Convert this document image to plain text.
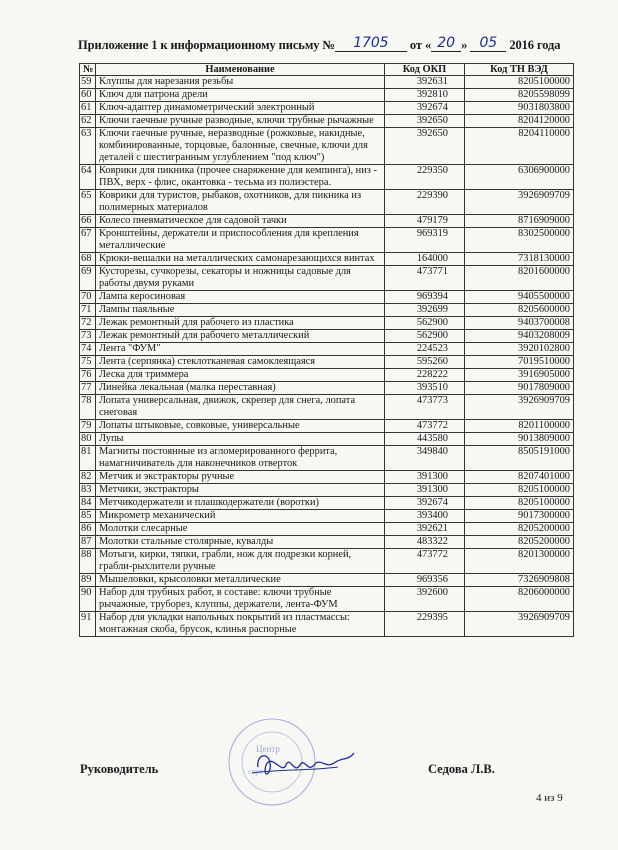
Приложение 1 к информационному письму № 1705 от « 20 » 05 2016 года
№	Наименование	Код ОКП	Код ТН ВЭД
59	Клуппы для нарезания резьбы	392631	8205100000
60	Ключ для патрона дрели	392810	8205598099
61	Ключ-адаптер динамометрический электронный	392674	9031803800
62	Ключи гаечные ручные разводные, ключи трубные рычажные	392650	8204120000
63	Ключи гаечные ручные, неразводные (рожковые, накидные, комбинированные, торцовые, балонные, свечные, ключи для деталей с шестигранным углублением "под ключ")	392650	8204110000
64	Коврики для пикника (прочее снаряжение для кемпинга), низ - ПВХ, верх - флис, окантовка - тесьма из полиэстера.	229350	6306900000
65	Коврики для туристов, рыбаков, охотников, для пикника из полимерных материалов	229390	3926909709
66	Колесо пневматическое для садовой тачки	479179	8716909000
67	Кронштейны, держатели и приспособления для крепления металлические	969319	8302500000
68	Крюки-вешалки на металлических самонарезающихся винтах	164000	7318130000
69	Кусторезы, сучкорезы, секаторы и ножницы садовые для работы двумя руками	473771	8201600000
70	Лампа керосиновая	969394	9405500000
71	Лампы паяльные	392699	8205600000
72	Лежак ремонтный для рабочего из пластика	562900	9403700008
73	Лежак ремонтный для рабочего металлический	562900	9403208009
74	Лента "ФУМ"	224523	3920102800
75	Лента (серпянка) стеклотканевая самоклеящаяся	595260	7019510000
76	Леска для триммера	228222	3916905000
77	Линейка лекальная (малка переставная)	393510	9017809000
78	Лопата универсальная, движок, скрепер для снега, лопата снеговая	473773	3926909709
79	Лопаты штыковые, совковые, универсальные	473772	8201100000
80	Лупы	443580	9013809000
81	Магниты постоянные из агломерированного феррита, намагничиватель для наконечников отверток	349840	8505191000
82	Метчик и экстракторы ручные	391300	8207401000
83	Метчики, экстракторы	391300	8205100000
84	Метчикодержатели и плашкодержатели (воротки)	392674	8205100000
85	Микрометр механический	393400	9017300000
86	Молотки слесарные	392621	8205200000
87	Молотки стальные столярные, кувалды	483322	8205200000
88	Мотыги, кирки, тяпки, грабли, нож для подрезки корней, грабли-рыхлители ручные	473772	8201300000
89	Мышеловки, крысоловки металлические	969356	7326909808
90	Набор для трубных работ, в составе: ключи трубные рычажные, труборез, клуппы, держатели, лента-ФУМ	392600	8206000000
91	Набор для укладки напольных покрытий из пластмассы: монтажная скоба, брусок, клинья распорные	229395	3926909709
Центр
серт
Руководитель	Седова Л.В.
4 из 9
